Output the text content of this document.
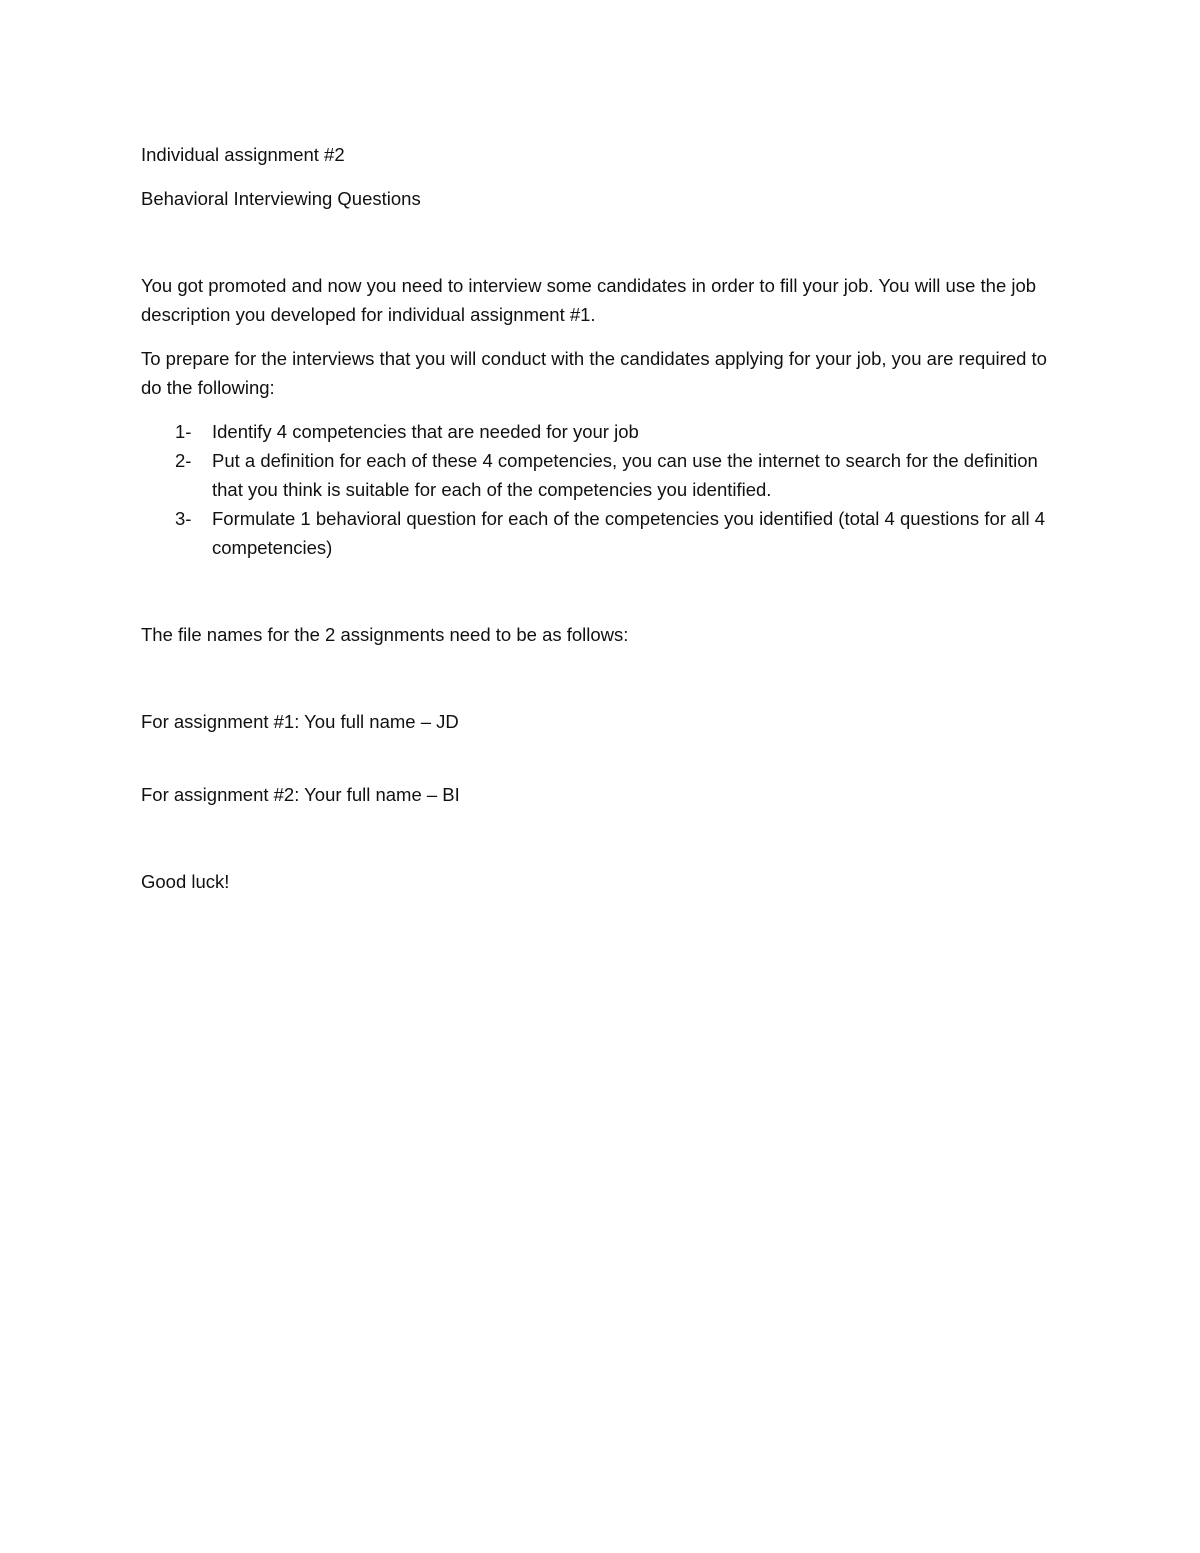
Individual assignment #2

Behavioral Interviewing Questions

You got promoted and now you need to interview some candidates in order to fill your job. You will use the job description you developed for individual assignment #1.

To prepare for the interviews that you will conduct with the candidates applying for your job, you are required to do the following:

1-	Identify 4 competencies that are needed for your job
2-	Put a definition for each of these 4 competencies, you can use the internet to search for the definition that you think is suitable for each of the competencies you identified.
3-	Formulate 1 behavioral question for each of the competencies you identified (total 4 questions for all 4 competencies)

The file names for the 2 assignments need to be as follows:

For assignment #1: You full name – JD

For assignment #2: Your full name – BI

Good luck!
